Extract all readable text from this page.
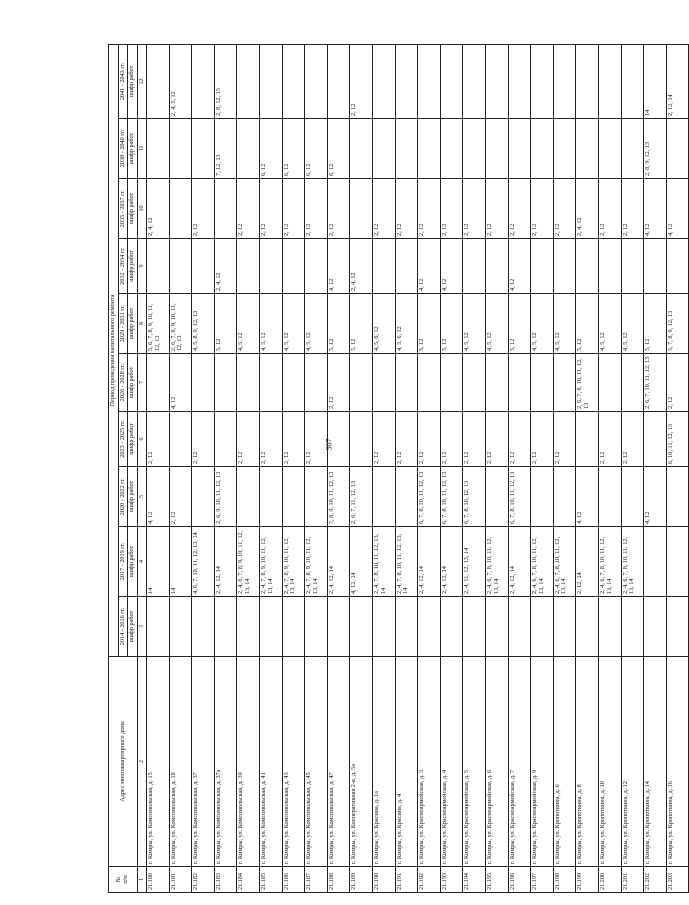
307
№
п/п	Адрес многоквартирного дома	Период проведения капитального ремонта									
		2014 - 2016 гг.	2017 - 2019 гг.	2020 - 2022 гг.	2023 - 2025 гг.	2026 - 2028 гг.	2029 - 2031 гг.	2032 - 2034 гг.	2035 - 2037 гг.	2038 - 2040 гг.	2041 - 2043 гг.
		шифр работ	шифр работ	шифр работ	шифр работ	шифр работ	шифр работ	шифр работ	шифр работ	шифр работ	шифр работ
1	2	3	4	5	6	7	8	9	10	11	12
21.180	г. Кимры, ул. Комсомольская, д. 15		14	4, 12	2, 12		5, 6, 7, 8, 9, 10, 11, 12, 13		2, 4, 12		
21.181	г. Кимры, ул. Комсомольская, д. 18		14	2, 12		4, 12	2, 6, 7, 8, 9, 10, 11, 12, 13				2, 4, 5, 12
21.182	г. Кимры, ул. Комсомольская, д. 37		4, 6, 7, 10, 11, 12, 13, 14		2, 12		4, 5, 8, 9, 12, 13		2, 12		
21.183	г. Кимры, ул. Комсомольская, д. 37а		2, 4, 12, 14	2, 6, 9, 10, 11, 12, 13			5, 12	2, 4, 12		7, 12, 13	2, 8, 12, 13
21.184	г. Кимры, ул. Комсомольская, д. 39		2, 4, 6, 7, 8, 9, 10, 11, 12, 13, 14		2, 12		4, 5, 12		2, 12		
21.185	г. Кимры, ул. Комсомольская, д. 41		2, 4, 7, 8, 9, 10, 11, 12, 13, 14		2, 12		4, 5, 12		2, 12	6, 12	
21.186	г. Кимры, ул. Комсомольская, д. 43		2, 4, 7, 8, 9, 10, 11, 12, 13, 14		2, 12		4, 5, 12		2, 12	6, 12	
21.187	г. Кимры, ул. Комсомольская, д. 45		2, 4, 7, 8, 9, 10, 11, 12, 13, 14		2, 12		4, 5, 12		2, 12	6, 12	
21.188	г. Кимры, ул. Комсомольская, д. 47		2, 4, 12, 14	7, 8, 9, 10, 11, 12, 13		2, 12	5, 12	4, 12	2, 12	6, 12	
21.189	г. Кимры, ул. Кооперативная 2-я, д. 5а		4, 12, 14	2, 6, 7, 11, 12, 13			5, 12	2, 4, 12			2, 12
21.190	г. Кимры, ул. Красина, д. 1а		2, 4, 7, 8, 10, 11, 12, 13, 14		2, 12		4, 5, 6, 12		2, 12		
21.191	г. Кимры, ул. Красина, д. 4		2, 4, 7, 8, 10, 11, 12, 13, 14		2, 12		4, 5, 6, 12		2, 12		
21.192	г. Кимры, ул. Красноармейская, д. 3		2, 4, 12, 14	6, 7, 8, 10, 11, 12, 13	2, 12		5, 12	4, 12	2, 12		
21.193	г. Кимры, ул. Красноармейская, д. 4		2, 4, 12, 14	6, 7, 8, 10, 11, 12, 13	2, 12		5, 12	4, 12	2, 12		
21.194	г. Кимры, ул. Красноармейская, д. 5		2, 4, 11, 12, 13, 14	6, 7, 8, 10, 12, 13	2, 12		4, 5, 12		2, 12		
21.195	г. Кимры, ул. Красноармейская, д. 6		2, 4, 6, 7, 8, 10, 11, 12, 13, 14		2, 12		4, 5, 12		2, 12		
21.196	г. Кимры, ул. Красноармейская, д. 7		2, 4, 12, 14	6, 7, 8, 10, 11, 12, 13	2, 12		5, 12	4, 12	2, 12		
21.197	г. Кимры, ул. Красноармейская, д. 9		2, 4, 6, 7, 8, 10, 11, 12, 13, 14		2, 12		4, 5, 12		2, 12		
21.198	г. Кимры, ул. Кропоткина, д. 6		2, 4, 6, 7, 8, 10, 11, 12, 13, 14		2, 12		4, 5, 12		2, 12		
21.199	г. Кимры, ул. Кропоткина, д. 8		2, 12, 14	4, 12		2, 6, 7, 8, 10, 11, 12, 13	5, 12		2, 4, 12		
21.200	г. Кимры, ул. Кропоткина, д. 10		2, 4, 6, 7, 8, 10, 11, 12, 13, 14		2, 12		4, 5, 12		2, 12		
21.201	г. Кимры, ул. Кропоткина, д. 12		2, 4, 6, 7, 8, 10, 11, 12, 13, 14		2, 12		4, 5, 12		2, 12		
21.202	г. Кимры, ул. Кропоткина, д. 14			4, 12		2, 6, 7, 10, 11, 12, 13	5, 12		4, 12	2, 8, 9, 12, 13	14
21.203	г. Кимры, ул. Кропоткина, д. 16				6, 10, 11, 12, 13	2, 12	5, 7, 8, 9, 12, 13		4, 12		2, 12, 14
